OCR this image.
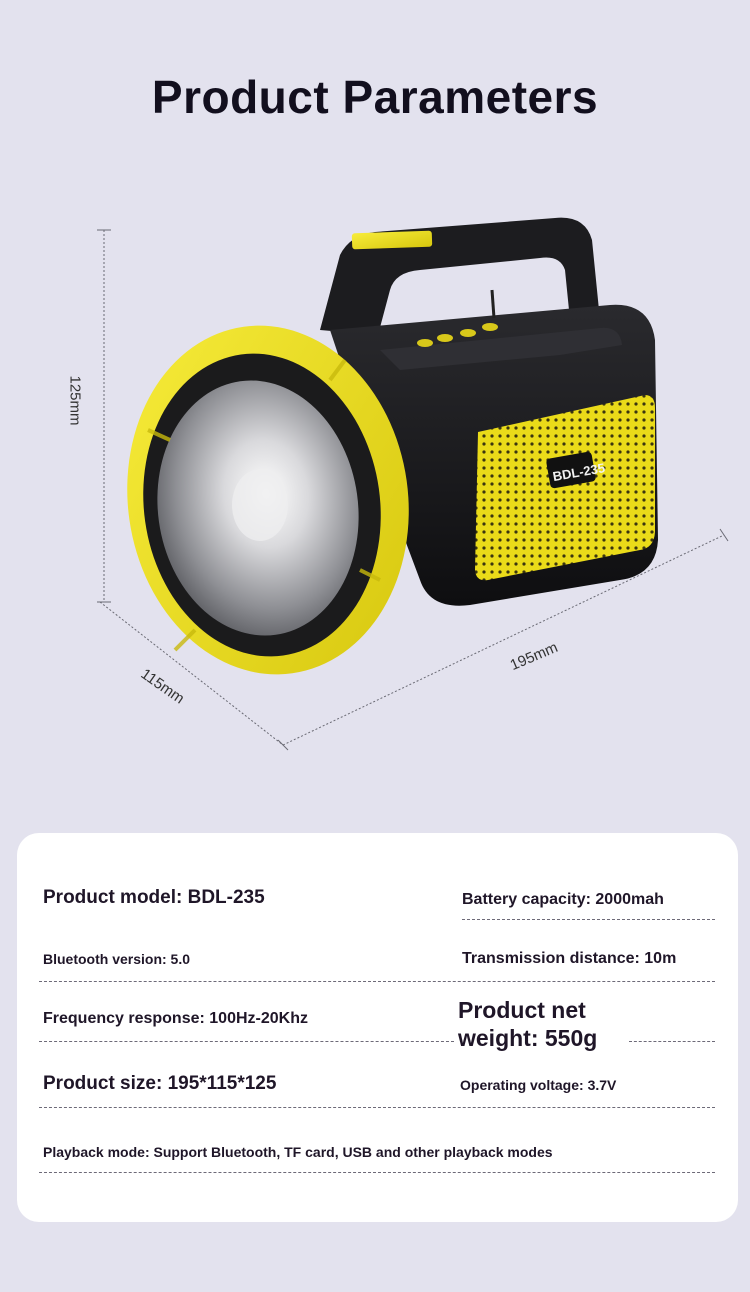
Product Parameters
BDL-235
125mm
115mm
195mm
Product model: BDL-235	Battery capacity: 2000mah
Bluetooth version: 5.0	Transmission distance: 10m
Frequency response: 100Hz-20Khz	Product net
weight: 550g
Product size: 195*115*125	Operating voltage: 3.7V
Playback mode: Support Bluetooth, TF card, USB and other playback modes
